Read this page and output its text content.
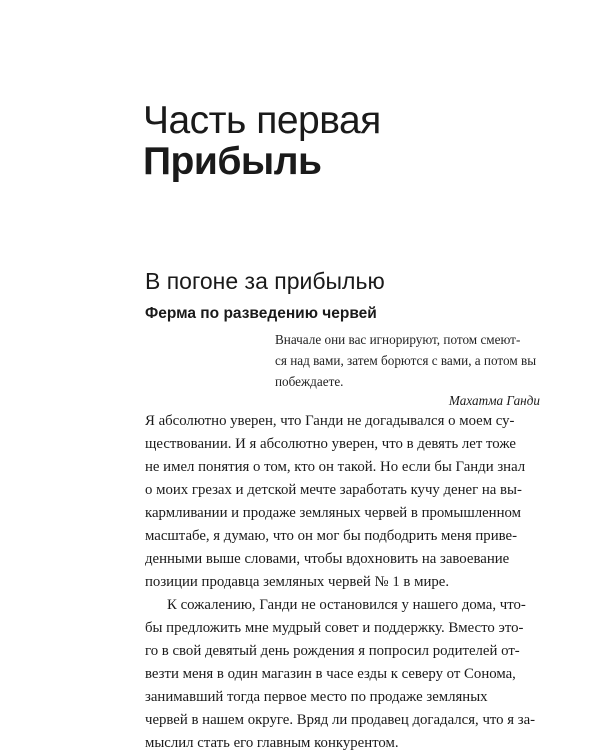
Часть первая
Прибыль
В погоне за прибылью
Ферма по разведению червей
Вначале они вас игнорируют, потом смеют-
ся над вами, затем борются с вами, а потом вы
побеждаете.
Махатма Ганди
Я абсолютно уверен, что Ганди не догадывался о моем су-
ществовании. И я абсолютно уверен, что в девять лет тоже
не имел понятия о том, кто он такой. Но если бы Ганди знал
о моих грезах и детской мечте заработать кучу денег на вы-
кармливании и продаже земляных червей в промышленном
масштабе, я думаю, что он мог бы подбодрить меня приве-
денными выше словами, чтобы вдохновить на завоевание
позиции продавца земляных червей № 1 в мире.
К сожалению, Ганди не остановился у нашего дома, что-
бы предложить мне мудрый совет и поддержку. Вместо это-
го в свой девятый день рождения я попросил родителей от-
везти меня в один магазин в часе езды к северу от Сонома,
занимавший тогда первое место по продаже земляных
червей в нашем округе. Вряд ли продавец догадался, что я за-
мыслил стать его главным конкурентом.
